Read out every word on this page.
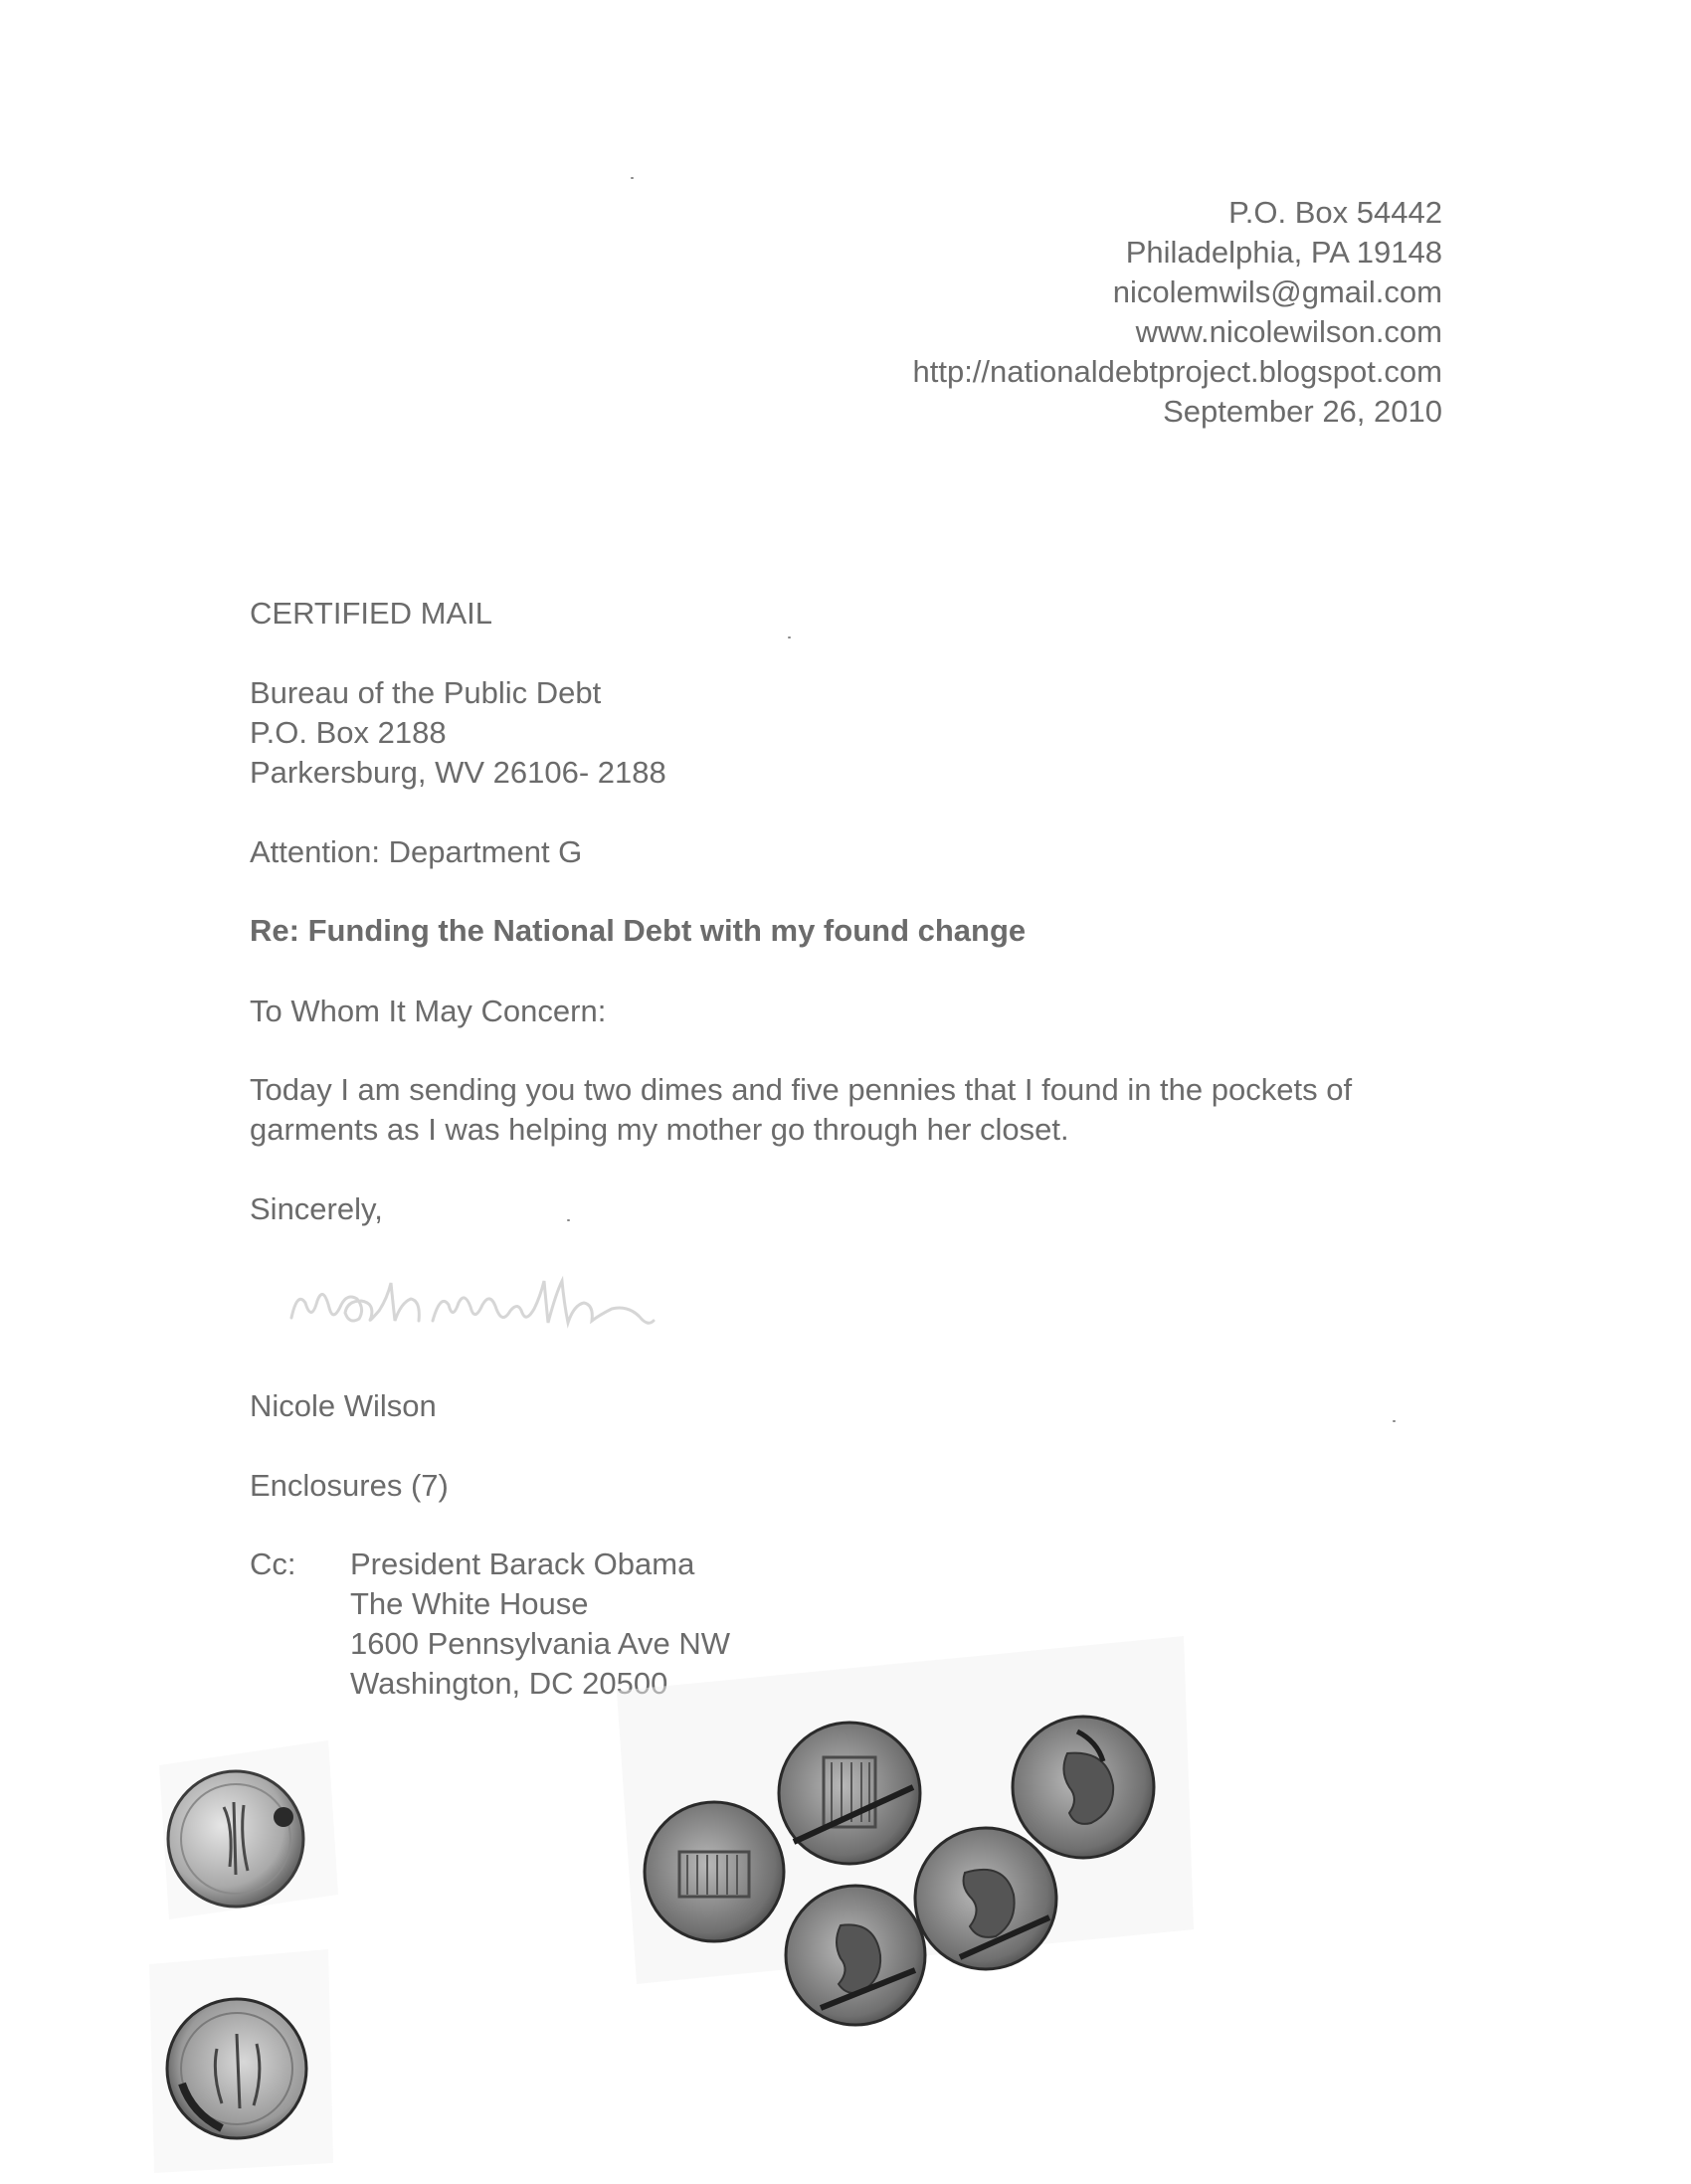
P.O. Box 54442
Philadelphia, PA 19148
nicolemwils@gmail.com
www.nicolewilson.com
http://nationaldebtproject.blogspot.com
September 26, 2010
CERTIFIED MAIL
Bureau of the Public Debt
P.O. Box 2188
Parkersburg, WV 26106- 2188
Attention: Department G
Re: Funding the National Debt with my found change
To Whom It May Concern:
Today I am sending you two dimes and five pennies that I found in the pockets of
garments as I was helping my mother go through her closet.
Sincerely,
Nicole Wilson
Enclosures (7)
Cc: President Barack Obama
The White House
1600 Pennsylvania Ave NW
Washington, DC 20500
